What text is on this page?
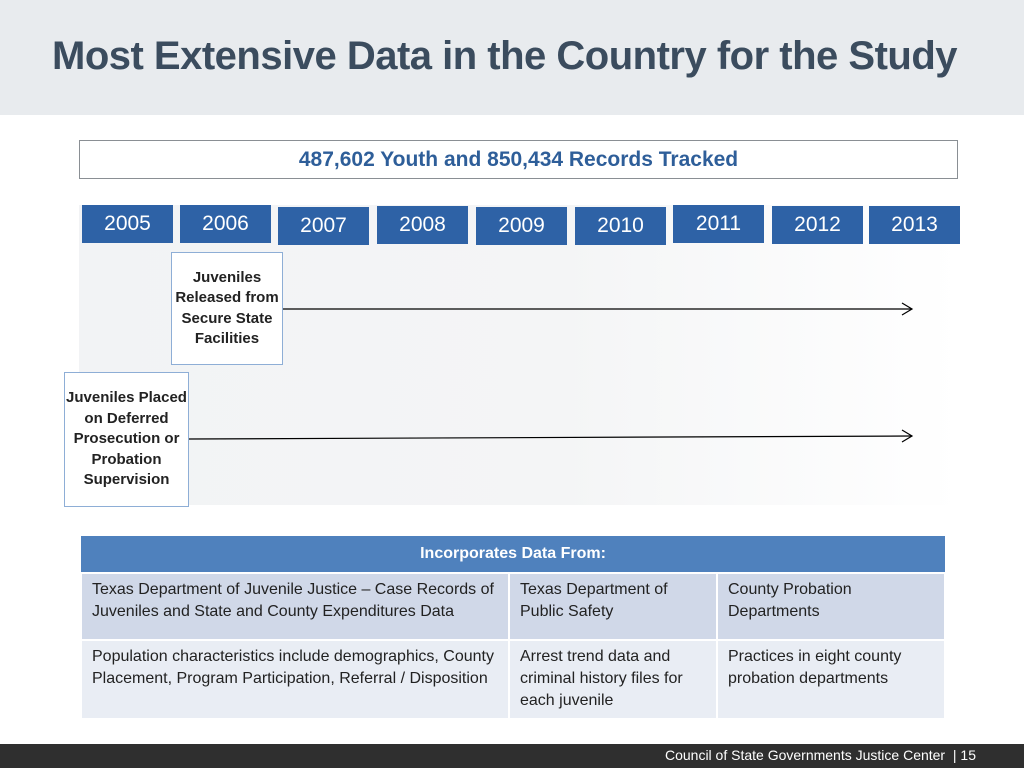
Most Extensive Data in the Country for the Study
487,602 Youth and 850,434 Records Tracked
2005	2006	2007	2008	2009	2010	2011	2012	2013
Juveniles Released from Secure State Facilities
Juveniles Placed on Deferred Prosecution or Probation Supervision
Incorporates Data From:		
Texas Department of Juvenile Justice – Case Records of Juveniles and State and County Expenditures Data	Texas Department of Public Safety	County Probation Departments
Population characteristics include demographics, County Placement, Program Participation, Referral / Disposition	Arrest trend data and criminal history files for each juvenile	Practices in eight county probation departments
Council of State Governments Justice Center  | 15
